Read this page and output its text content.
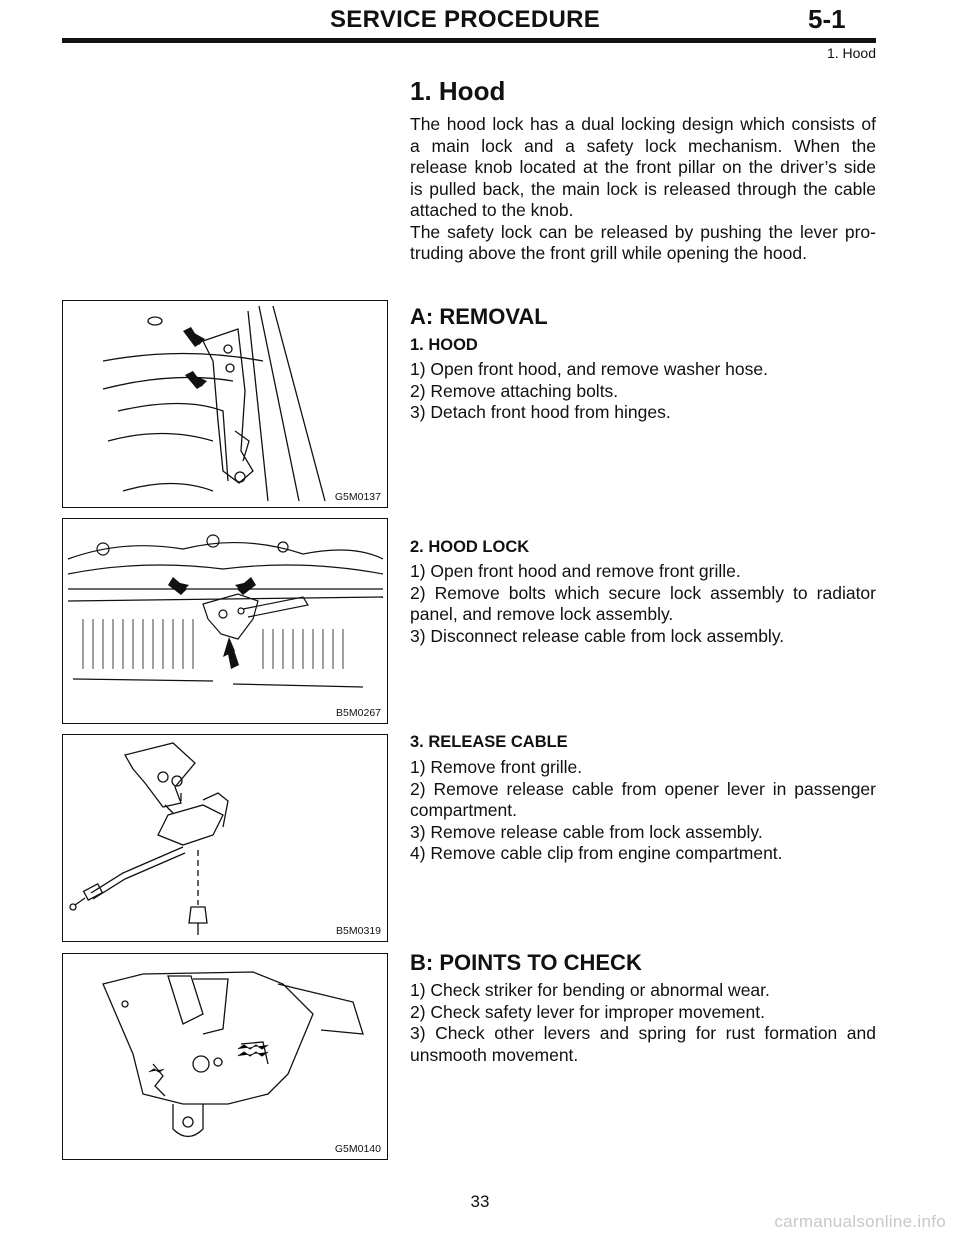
SERVICE PROCEDURE	5-1
1. Hood
1. Hood
The hood lock has a dual locking design which consists of
a main lock and a safety lock mechanism. When the
release knob located at the front pillar on the driver’s side
is pulled back, the main lock is released through the cable
attached to the knob.
The safety lock can be released by pushing the lever pro-
truding above the front grill while opening the hood.
A: REMOVAL
1. HOOD
1) Open front hood, and remove washer hose.
2) Remove attaching bolts.
3) Detach front hood from hinges.
2. HOOD LOCK
1) Open front hood and remove front grille.
2) Remove bolts which secure lock assembly to radiator
panel, and remove lock assembly.
3) Disconnect release cable from lock assembly.
3. RELEASE CABLE
1) Remove front grille.
2) Remove release cable from opener lever in passenger
compartment.
3) Remove release cable from lock assembly.
4) Remove cable clip from engine compartment.
B: POINTS TO CHECK
1) Check striker for bending or abnormal wear.
2) Check safety lever for improper movement.
3) Check other levers and spring for rust formation and
unsmooth movement.
G5M0137
B5M0267
B5M0319
G5M0140
33
carmanualsonline.info
